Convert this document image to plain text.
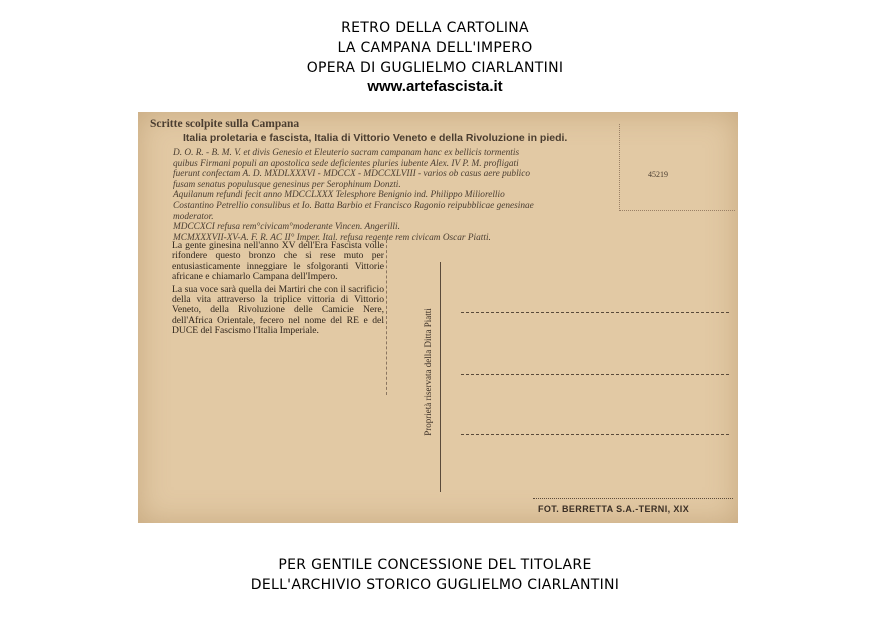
RETRO DELLA CARTOLINA
LA CAMPANA DELL'IMPERO
OPERA DI GUGLIELMO CIARLANTINI
www.artefascista.it
Scritte scolpite sulla Campana
Italia proletaria e fascista, Italia di Vittorio Veneto e della Rivoluzione in piedi.

D. O. R. - B. M. V. et divis Genesio et Eleuterio sacram campanam hanc ex bellicis tormentis

quibus Firmani populi an apostolica sede deficientes pluries iubente Alex. IV P. M. profligati

fuerunt confectam A. D. MXDLXXXVI - MDCCX - MDCCXLVIII - varios ob casus aere publico

fusam senatus populusque genesinus per Serophinum Donzti.

Aquilanum refundi fecit anno MDCCLXXX Telesphore Benignio ind. Philippo Miliorellio

Costantino Petrellio consulibus et Io. Batta Barbio et Francisco Ragonio reipubblicae genesinae

moderator.

MDCCXCI refusa rem°civicam°moderante Vincen. Angerilli.

MCMXXXVII-XV-A. F. R. AC II° Imper. Ital. refusa regente rem civicam Oscar Piatti.

La gente ginesina nell'anno XV dell'Era Fascista volle rifondere questo bronzo che si rese muto per entusiasticamente inneggiare le sfolgoranti Vittorie africane e chiamarlo Campana dell'Impero.

La sua voce sarà quella dei Martiri che con il sacrificio della vita attraverso la triplice vittoria di Vittorio Veneto, della Rivoluzione delle Camicie Nere, dell'Africa Orientale, fecero nel nome del RE e del DUCE del Fascismo l'Italia Imperiale.

45219
Proprietà riservata della Ditta Piatti
FOT. BERRETTA S.A.-TERNI, XIX
PER GENTILE CONCESSIONE DEL TITOLARE
DELL'ARCHIVIO STORICO GUGLIELMO CIARLANTINI
